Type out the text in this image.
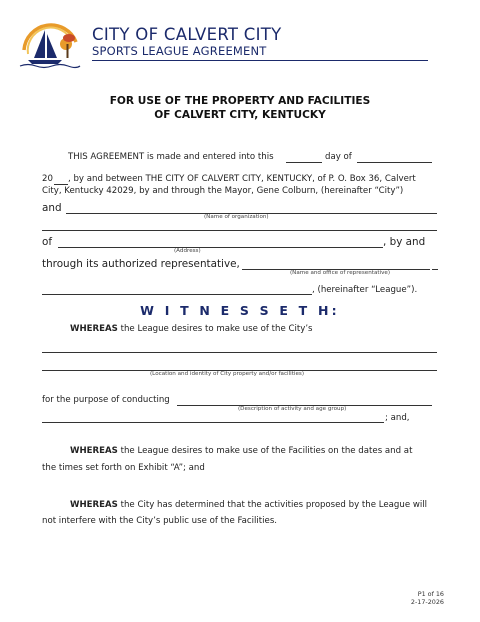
CITY OF CALVERT CITY
SPORTS LEAGUE AGREEMENT
FOR USE OF THE PROPERTY AND FACILITIES
OF CALVERT CITY, KENTUCKY
THIS AGREEMENT is made and entered into this	day of
20 , by and between THE CITY OF CALVERT CITY, KENTUCKY, of P. O. Box 36, Calvert
City, Kentucky 42029, by and through the Mayor, Gene Colburn, (hereinafter “City”)
and
(Name of organization)
of	, by and
(Address)
through its authorized representative,
(Name and office of representative)
, (hereinafter “League”).
W I T N E S S E T H:
WHEREAS the League desires to make use of the City’s
(Location and identity of City property and/or facilities)
for the purpose of conducting
(Description of activity and age group)
; and,
WHEREAS the League desires to make use of the Facilities on the dates and at
the times set forth on Exhibit “A”; and
WHEREAS the City has determined that the activities proposed by the League will
not interfere with the City’s public use of the Facilities.
P1 of 16
2-17-2026
